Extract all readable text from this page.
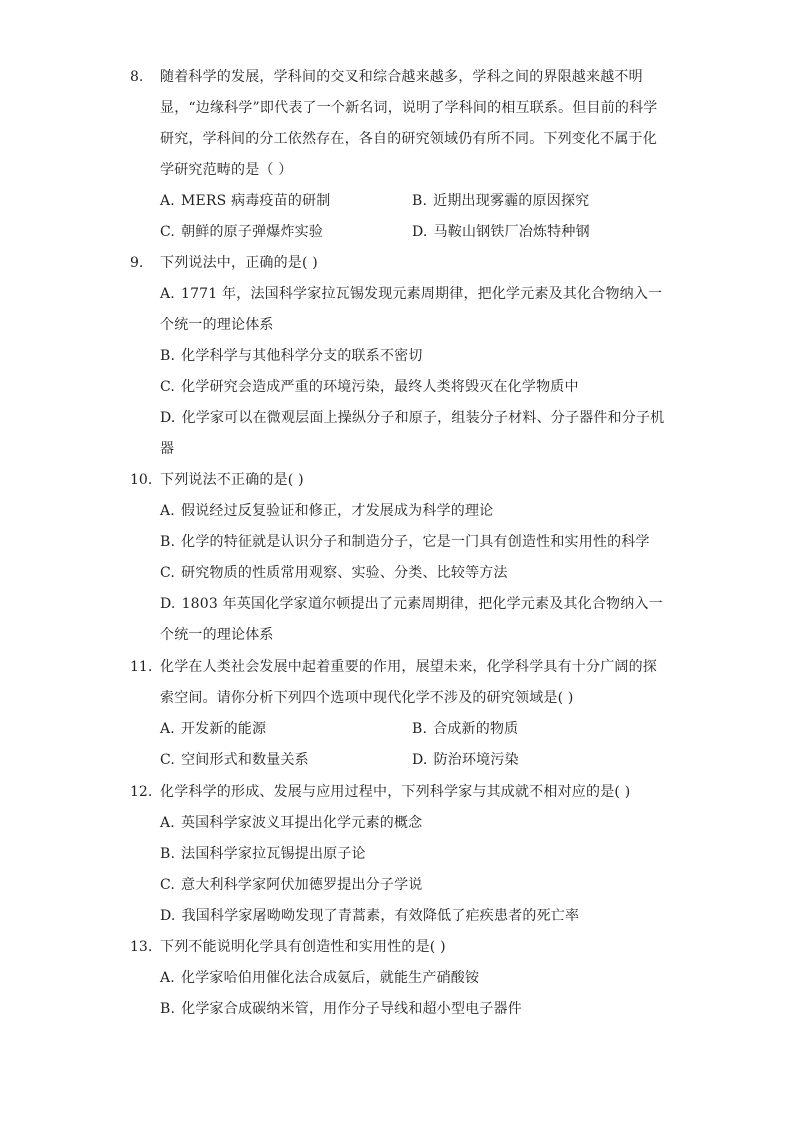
8.	随着科学的发展，学科间的交叉和综合越来越多，学科之间的界限越来越不明显，“边缘科学”即代表了一个新名词，说明了学科间的相互联系。但目前的科学研究，学科间的分工依然存在，各自的研究领域仍有所不同。下列变化不属于化学研究范畴的是（ ）
A. MERS 病毒疫苗的研制	B. 近期出现雾霾的原因探究
C. 朝鲜的原子弹爆炸实验	D. 马鞍山钢铁厂冶炼特种钢
9.	下列说法中，正确的是( )
A. 1771 年，法国科学家拉瓦锡发现元素周期律，把化学元素及其化合物纳入一个统一的理论体系
B. 化学科学与其他科学分支的联系不密切
C. 化学研究会造成严重的环境污染，最终人类将毁灭在化学物质中
D. 化学家可以在微观层面上操纵分子和原子，组装分子材料、分子器件和分子机器
10. 下列说法不正确的是( )
A. 假说经过反复验证和修正，才发展成为科学的理论
B. 化学的特征就是认识分子和制造分子，它是一门具有创造性和实用性的科学
C. 研究物质的性质常用观察、实验、分类、比较等方法
D. 1803 年英国化学家道尔顿提出了元素周期律，把化学元素及其化合物纳入一个统一的理论体系
11. 化学在人类社会发展中起着重要的作用，展望未来，化学科学具有十分广阔的探索空间。请你分析下列四个选项中现代化学不涉及的研究领域是( )
A. 开发新的能源	B. 合成新的物质
C. 空间形式和数量关系	D. 防治环境污染
12. 化学科学的形成、发展与应用过程中，下列科学家与其成就不相对应的是( )
A. 英国科学家波义耳提出化学元素的概念
B. 法国科学家拉瓦锡提出原子论
C. 意大利科学家阿伏加德罗提出分子学说
D. 我国科学家屠呦呦发现了青蒿素，有效降低了疟疾患者的死亡率
13. 下列不能说明化学具有创造性和实用性的是( )
A. 化学家哈伯用催化法合成氨后，就能生产硝酸铵
B. 化学家合成碳纳米管，用作分子导线和超小型电子器件
